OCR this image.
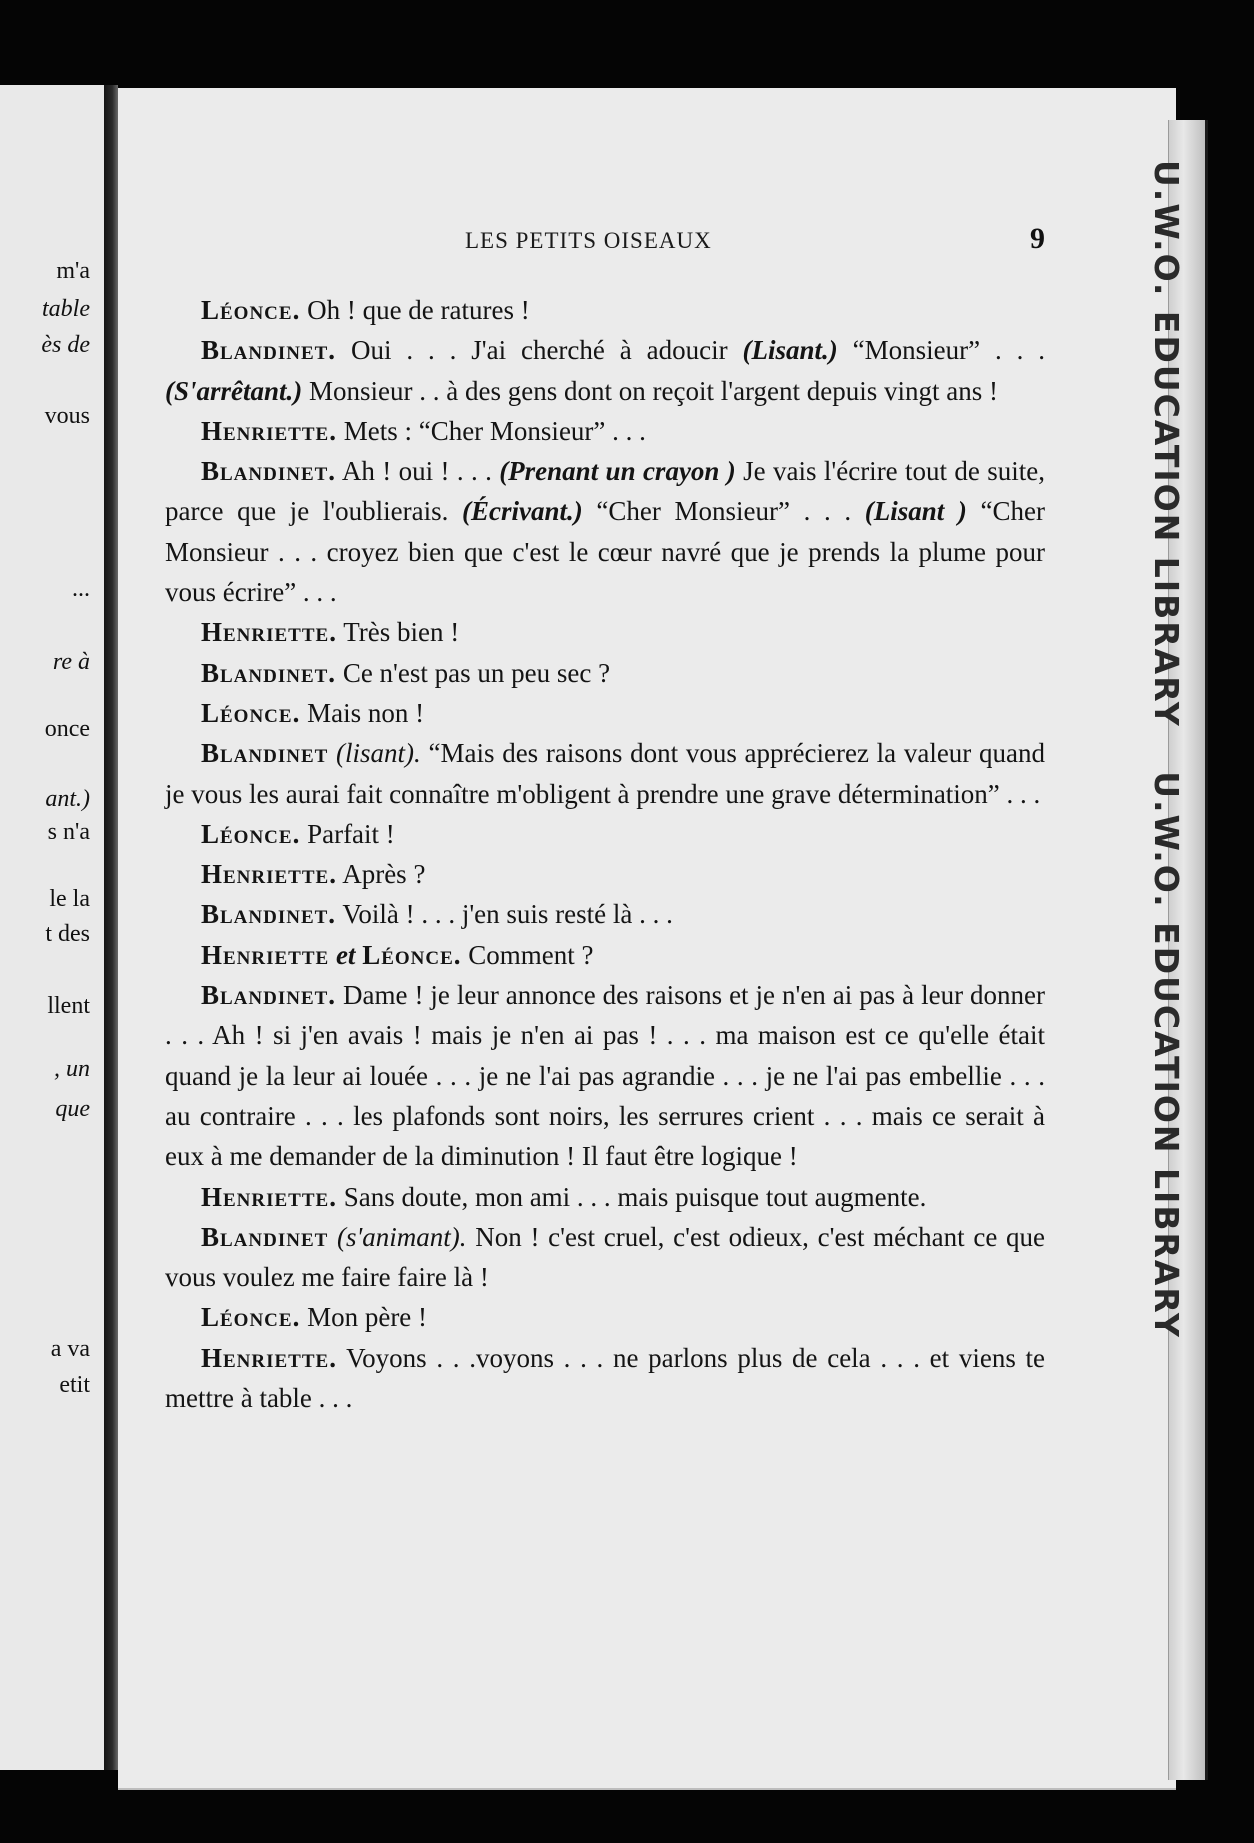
m'a
table
ès de
vous
...
re à
once
ant.)
s n'a
le la
t des
llent
, un
que
a va
etit
U.W.O. EDUCATION LIBRARY U.W.O. EDUCATION LIBRARY
LES PETITS OISEAUX	9
Léonce. Oh ! que de ratures !
Blandinet. Oui . . . J'ai cherché à adoucir (Lisant.) “Monsieur” . . . (S'arrêtant.) Monsieur . . à des gens dont on reçoit l'argent depuis vingt ans !
Henriette. Mets : “Cher Monsieur” . . .
Blandinet. Ah ! oui ! . . . (Prenant un crayon ) Je vais l'écrire tout de suite, parce que je l'oublierais. (Écrivant.) “Cher Monsieur” . . . (Lisant ) “Cher Monsieur . . . croyez bien que c'est le cœur navré que je prends la plume pour vous écrire” . . .
Henriette. Très bien !
Blandinet. Ce n'est pas un peu sec ?
Léonce. Mais non !
Blandinet (lisant). “Mais des raisons dont vous apprécierez la valeur quand je vous les aurai fait connaître m'obligent à prendre une grave détermination” . . .
Léonce. Parfait !
Henriette. Après ?
Blandinet. Voilà ! . . . j'en suis resté là . . .
Henriette et Léonce. Comment ?
Blandinet. Dame ! je leur annonce des raisons et je n'en ai pas à leur donner . . . Ah ! si j'en avais ! mais je n'en ai pas ! . . . ma maison est ce qu'elle était quand je la leur ai louée . . . je ne l'ai pas agrandie . . . je ne l'ai pas embellie . . . au contraire . . . les plafonds sont noirs, les serrures crient . . . mais ce serait à eux à me demander de la diminution ! Il faut être logique !
Henriette. Sans doute, mon ami . . . mais puisque tout augmente.
Blandinet (s'animant). Non ! c'est cruel, c'est odieux, c'est méchant ce que vous voulez me faire faire là !
Léonce. Mon père !
Henriette. Voyons . . .voyons . . . ne parlons plus de cela . . . et viens te mettre à table . . .
